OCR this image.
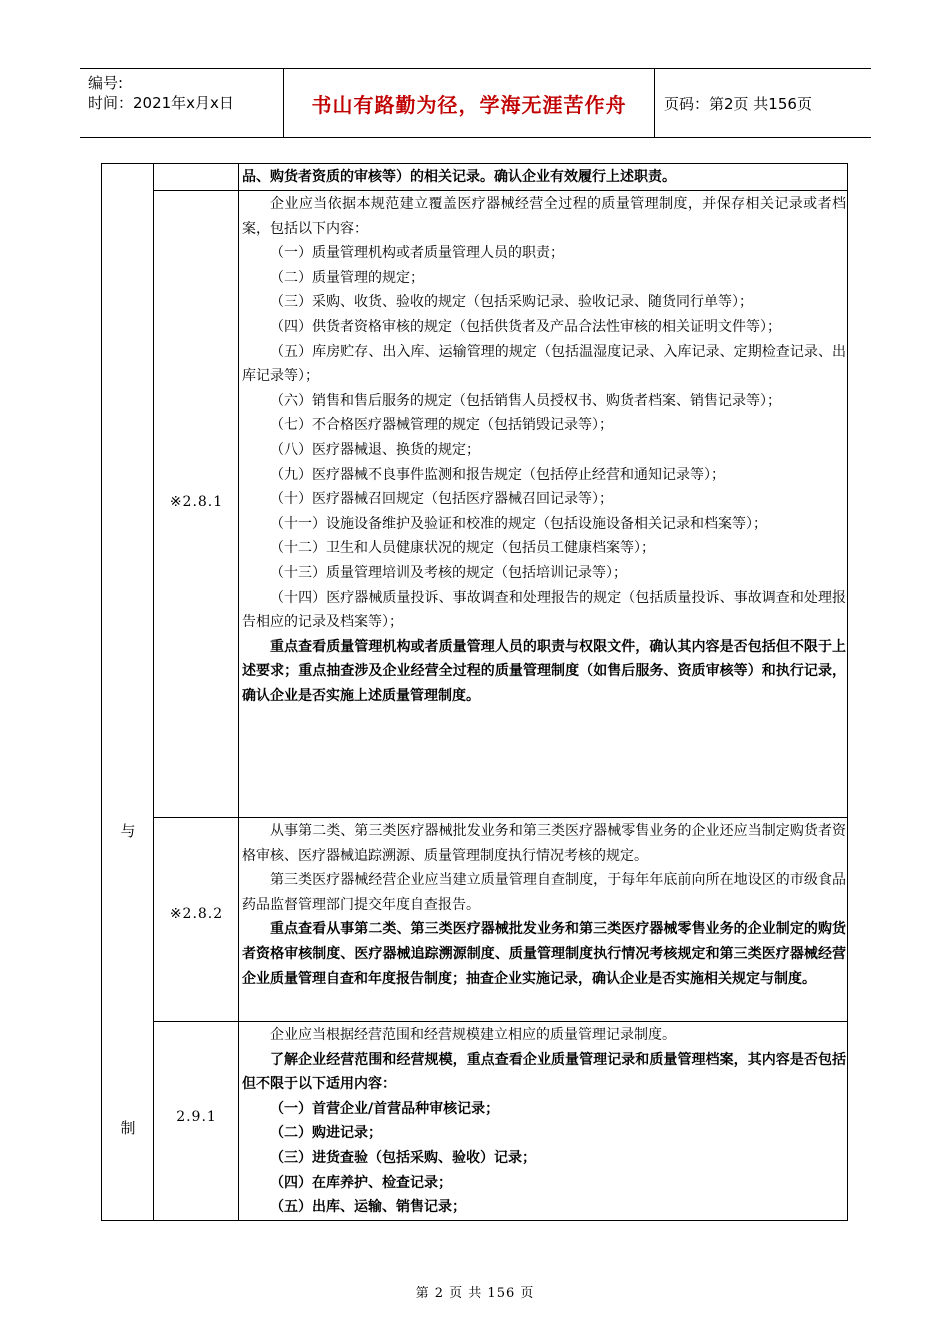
编号:
时间：2021年x月x日	书山有路勤为径，学海无涯苦作舟	页码：第2页 共156页
与
制

品、购货者资质的审核等）的相关记录。确认企业有效履行上述职责。

※2.8.1

企业应当依据本规范建立覆盖医疗器械经营全过程的质量管理制度，并保存相关记录或者档案，包括以下内容：

（一）质量管理机构或者质量管理人员的职责；

（二）质量管理的规定；

（三）采购、收货、验收的规定（包括采购记录、验收记录、随货同行单等）；

（四）供货者资格审核的规定（包括供货者及产品合法性审核的相关证明文件等）；

（五）库房贮存、出入库、运输管理的规定（包括温湿度记录、入库记录、定期检查记录、出库记录等）；

（六）销售和售后服务的规定（包括销售人员授权书、购货者档案、销售记录等）；

（七）不合格医疗器械管理的规定（包括销毁记录等）；

（八）医疗器械退、换货的规定；

（九）医疗器械不良事件监测和报告规定（包括停止经营和通知记录等）；

（十）医疗器械召回规定（包括医疗器械召回记录等）；

（十一）设施设备维护及验证和校准的规定（包括设施设备相关记录和档案等）；

（十二）卫生和人员健康状况的规定（包括员工健康档案等）；

（十三）质量管理培训及考核的规定（包括培训记录等）；

（十四）医疗器械质量投诉、事故调查和处理报告的规定（包括质量投诉、事故调查和处理报告相应的记录及档案等）；

重点查看质量管理机构或者质量管理人员的职责与权限文件，确认其内容是否包括但不限于上述要求；重点抽查涉及企业经营全过程的质量管理制度（如售后服务、资质审核等）和执行记录，确认企业是否实施上述质量管理制度。

※2.8.2

从事第二类、第三类医疗器械批发业务和第三类医疗器械零售业务的企业还应当制定购货者资格审核、医疗器械追踪溯源、质量管理制度执行情况考核的规定。

第三类医疗器械经营企业应当建立质量管理自查制度，于每年年底前向所在地设区的市级食品药品监督管理部门提交年度自查报告。

重点查看从事第二类、第三类医疗器械批发业务和第三类医疗器械零售业务的企业制定的购货者资格审核制度、医疗器械追踪溯源制度、质量管理制度执行情况考核规定和第三类医疗器械经营企业质量管理自查和年度报告制度；抽查企业实施记录，确认企业是否实施相关规定与制度。

2.9.1

企业应当根据经营范围和经营规模建立相应的质量管理记录制度。

了解企业经营范围和经营规模，重点查看企业质量管理记录和质量管理档案，其内容是否包括但不限于以下适用内容：

（一）首营企业/首营品种审核记录；

（二）购进记录；

（三）进货查验（包括采购、验收）记录；

（四）在库养护、检查记录；

（五）出库、运输、销售记录；

第 2 页 共 156 页
